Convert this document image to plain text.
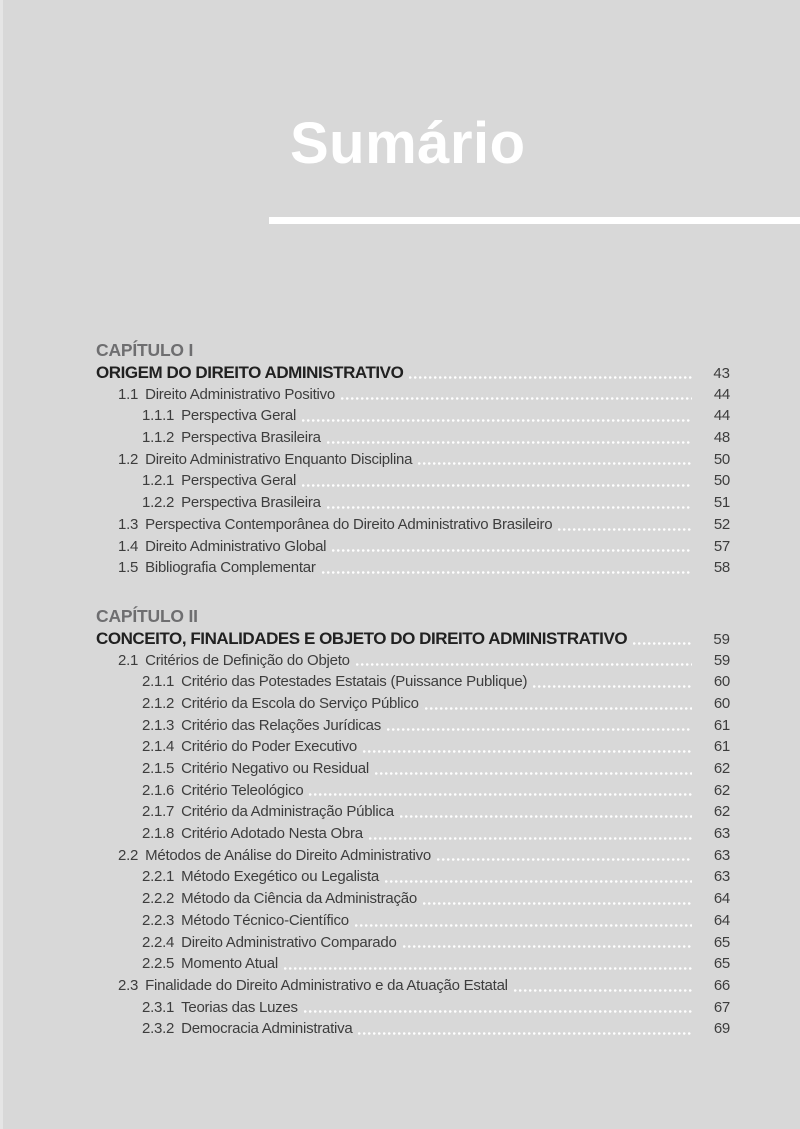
Sumário
CAPÍTULO I
ORIGEM DO DIREITO ADMINISTRATIVO	43
1.1 Direito Administrativo Positivo	44
1.1.1 Perspectiva Geral	44
1.1.2 Perspectiva Brasileira	48
1.2 Direito Administrativo Enquanto Disciplina	50
1.2.1 Perspectiva Geral	50
1.2.2 Perspectiva Brasileira	51
1.3 Perspectiva Contemporânea do Direito Administrativo Brasileiro	52
1.4 Direito Administrativo Global	57
1.5 Bibliografia Complementar	58
CAPÍTULO II
CONCEITO, FINALIDADES E OBJETO DO DIREITO ADMINISTRATIVO	59
2.1 Critérios de Definição do Objeto	59
2.1.1 Critério das Potestades Estatais (Puissance Publique)	60
2.1.2 Critério da Escola do Serviço Público	60
2.1.3 Critério das Relações Jurídicas	61
2.1.4 Critério do Poder Executivo	61
2.1.5 Critério Negativo ou Residual	62
2.1.6 Critério Teleológico	62
2.1.7 Critério da Administração Pública	62
2.1.8 Critério Adotado Nesta Obra	63
2.2 Métodos de Análise do Direito Administrativo	63
2.2.1 Método Exegético ou Legalista	63
2.2.2 Método da Ciência da Administração	64
2.2.3 Método Técnico-Científico	64
2.2.4 Direito Administrativo Comparado	65
2.2.5 Momento Atual	65
2.3 Finalidade do Direito Administrativo e da Atuação Estatal	66
2.3.1 Teorias das Luzes	67
2.3.2 Democracia Administrativa	69
